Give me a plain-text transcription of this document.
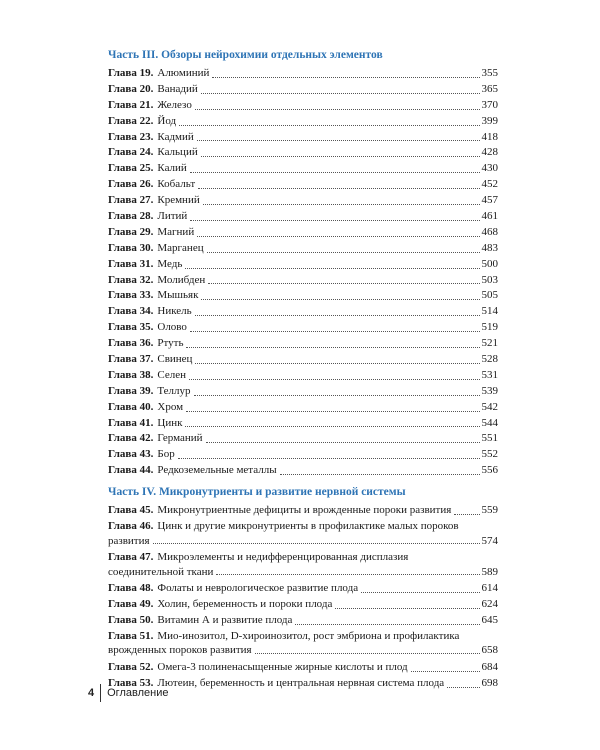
Часть III. Обзоры нейрохимии отдельных элементов
Глава 19. Алюминий	355
Глава 20. Ванадий	365
Глава 21. Железо	370
Глава 22. Йод	399
Глава 23. Кадмий	418
Глава 24. Кальций	428
Глава 25. Калий	430
Глава 26. Кобальт	452
Глава 27. Кремний	457
Глава 28. Литий	461
Глава 29. Магний	468
Глава 30. Марганец	483
Глава 31. Медь	500
Глава 32. Молибден	503
Глава 33. Мышьяк	505
Глава 34. Никель	514
Глава 35. Олово	519
Глава 36. Ртуть	521
Глава 37. Свинец	528
Глава 38. Селен	531
Глава 39. Теллур	539
Глава 40. Хром	542
Глава 41. Цинк	544
Глава 42. Германий	551
Глава 43. Бор	552
Глава 44. Редкоземельные металлы	556
Часть IV. Микронутриенты и развитие нервной системы
Глава 45. Микронутриентные дефициты и врожденные пороки развития	559
Глава 46. Цинк и другие микронутриенты в профилактике малых пороков
развития	574
Глава 47. Микроэлементы и недифференцированная дисплазия
соединительной ткани	589
Глава 48. Фолаты и неврологическое развитие плода	614
Глава 49. Холин, беременность и пороки плода	624
Глава 50. Витамин А и развитие плода	645
Глава 51. Мио-инозитол, D-хироинозитол, рост эмбриона и профилактика
врожденных пороков развития	658
Глава 52. Омега-3 полиненасыщенные жирные кислоты и плод	684
Глава 53. Лютеин, беременность и центральная нервная система плода	698
4	Оглавление
